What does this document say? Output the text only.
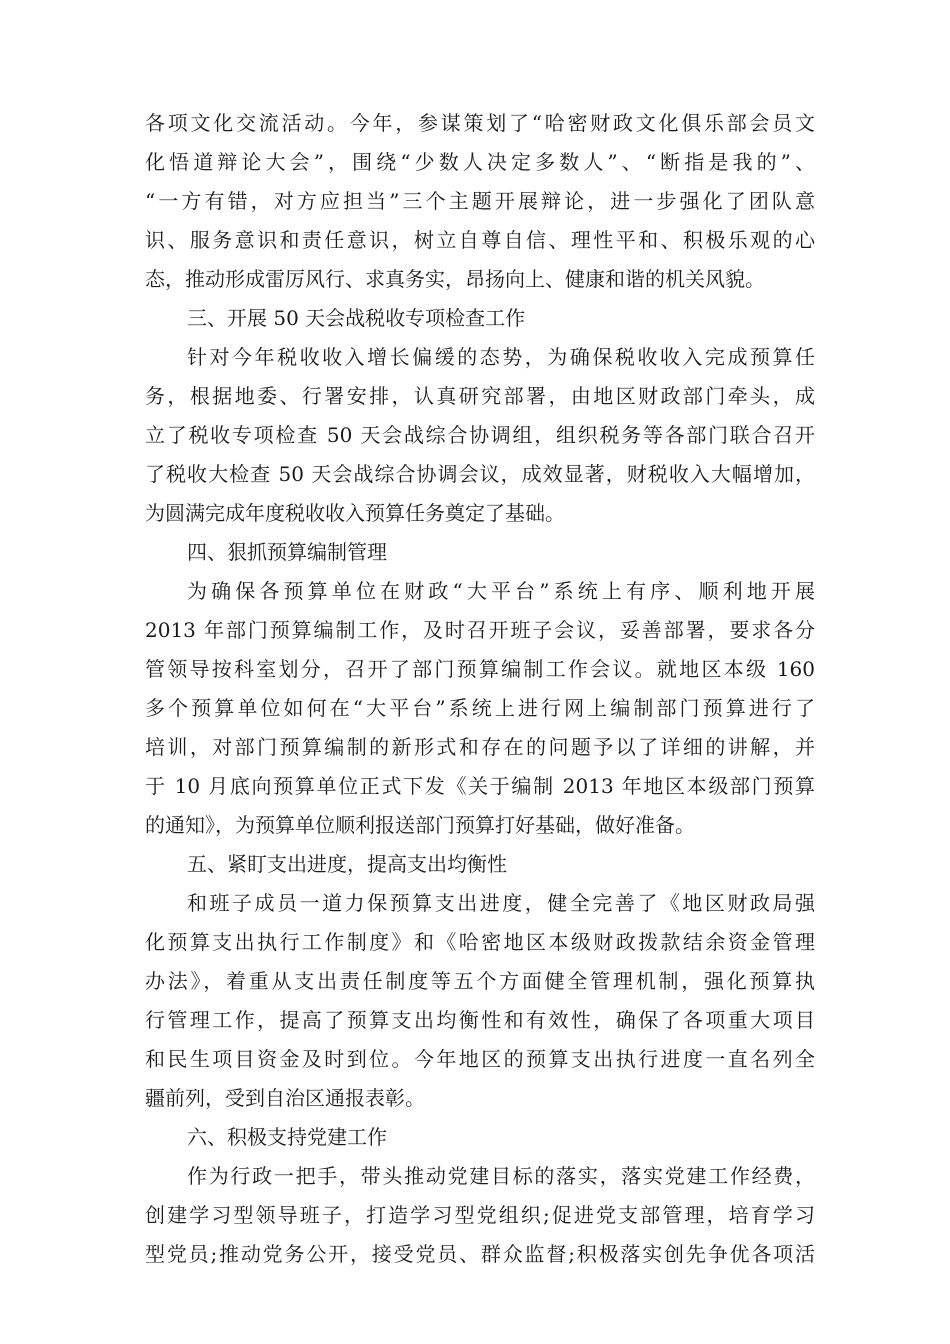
各项文化交流活动。今年，参谋策划了“哈密财政文化俱乐部会员文
化悟道辩论大会”，围绕“少数人决定多数人”、“断指是我的”、
“一方有错，对方应担当”三个主题开展辩论，进一步强化了团队意
识、服务意识和责任意识，树立自尊自信、理性平和、积极乐观的心
态，推动形成雷厉风行、求真务实，昂扬向上、健康和谐的机关风貌。
三、开展 50 天会战税收专项检查工作
针对今年税收收入增长偏缓的态势，为确保税收收入完成预算任
务，根据地委、行署安排，认真研究部署，由地区财政部门牵头，成
立了税收专项检查 50 天会战综合协调组，组织税务等各部门联合召开
了税收大检查 50 天会战综合协调会议，成效显著，财税收入大幅增加，
为圆满完成年度税收收入预算任务奠定了基础。
四、狠抓预算编制管理
为确保各预算单位在财政“大平台”系统上有序、顺利地开展
2013 年部门预算编制工作，及时召开班子会议，妥善部署，要求各分
管领导按科室划分，召开了部门预算编制工作会议。就地区本级 160
多个预算单位如何在“大平台”系统上进行网上编制部门预算进行了
培训，对部门预算编制的新形式和存在的问题予以了详细的讲解，并
于 10 月底向预算单位正式下发《关于编制 2013 年地区本级部门预算
的通知》，为预算单位顺利报送部门预算打好基础，做好准备。
五、紧盯支出进度，提高支出均衡性
和班子成员一道力保预算支出进度，健全完善了《地区财政局强
化预算支出执行工作制度》和《哈密地区本级财政拨款结余资金管理
办法》，着重从支出责任制度等五个方面健全管理机制，强化预算执
行管理工作，提高了预算支出均衡性和有效性，确保了各项重大项目
和民生项目资金及时到位。今年地区的预算支出执行进度一直名列全
疆前列，受到自治区通报表彰。
六、积极支持党建工作
作为行政一把手，带头推动党建目标的落实，落实党建工作经费，
创建学习型领导班子，打造学习型党组织;促进党支部管理，培育学习
型党员;推动党务公开，接受党员、群众监督;积极落实创先争优各项活
